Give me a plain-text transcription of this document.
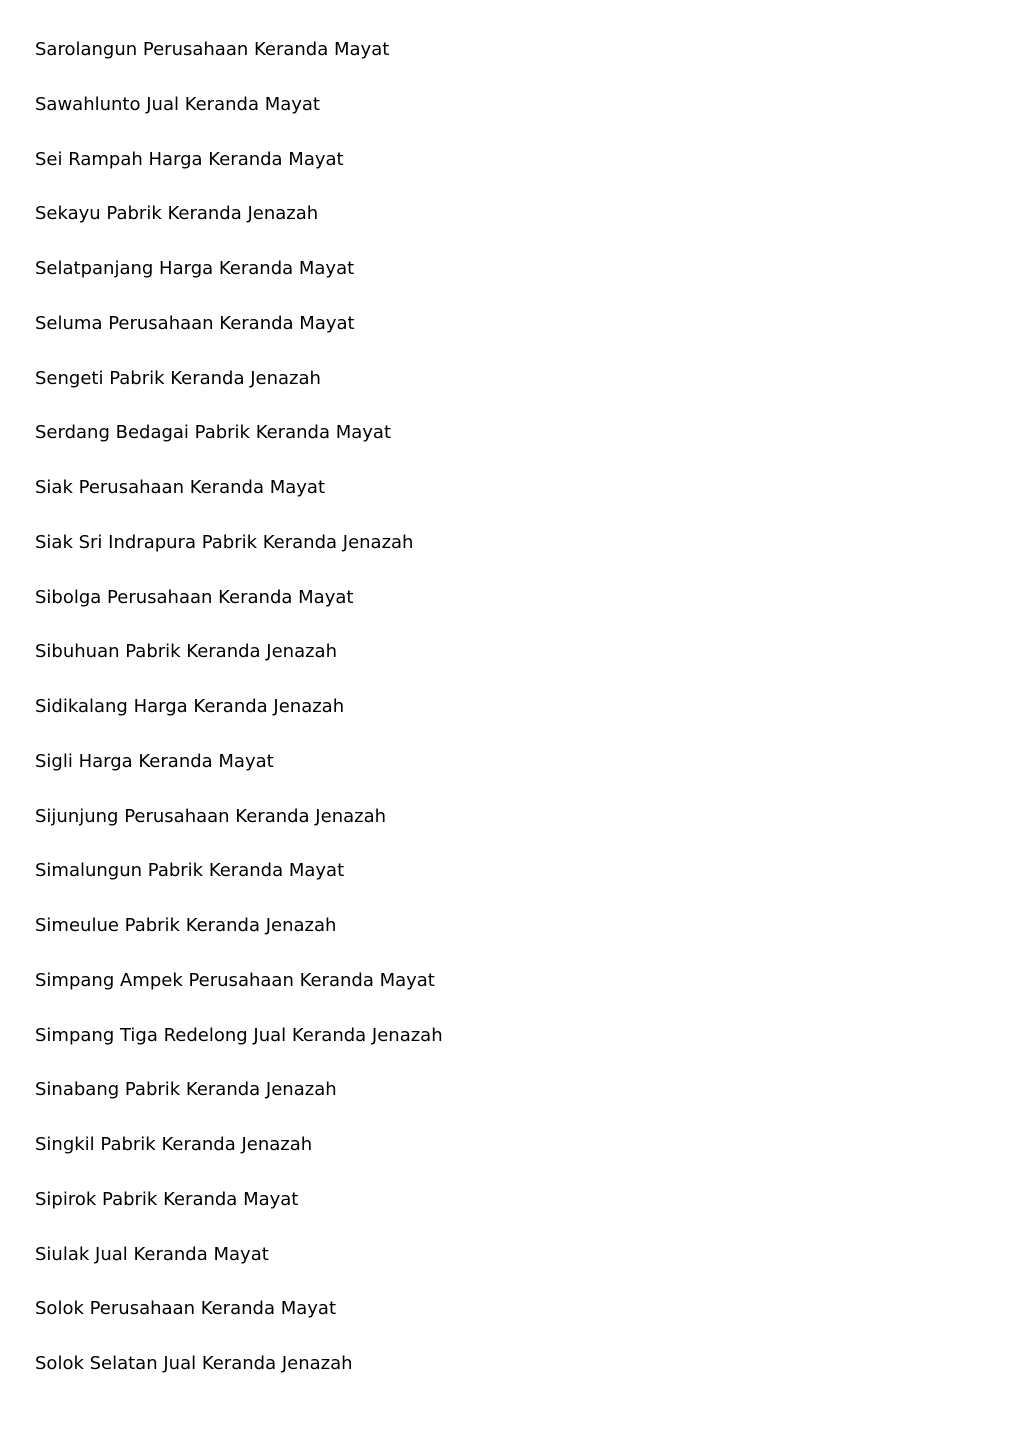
Sarolangun Perusahaan Keranda Mayat
Sawahlunto Jual Keranda Mayat
Sei Rampah Harga Keranda Mayat
Sekayu Pabrik Keranda Jenazah
Selatpanjang Harga Keranda Mayat
Seluma Perusahaan Keranda Mayat
Sengeti Pabrik Keranda Jenazah
Serdang Bedagai Pabrik Keranda Mayat
Siak Perusahaan Keranda Mayat
Siak Sri Indrapura Pabrik Keranda Jenazah
Sibolga Perusahaan Keranda Mayat
Sibuhuan Pabrik Keranda Jenazah
Sidikalang Harga Keranda Jenazah
Sigli Harga Keranda Mayat
Sijunjung Perusahaan Keranda Jenazah
Simalungun Pabrik Keranda Mayat
Simeulue Pabrik Keranda Jenazah
Simpang Ampek Perusahaan Keranda Mayat
Simpang Tiga Redelong Jual Keranda Jenazah
Sinabang Pabrik Keranda Jenazah
Singkil Pabrik Keranda Jenazah
Sipirok Pabrik Keranda Mayat
Siulak Jual Keranda Mayat
Solok Perusahaan Keranda Mayat
Solok Selatan Jual Keranda Jenazah
